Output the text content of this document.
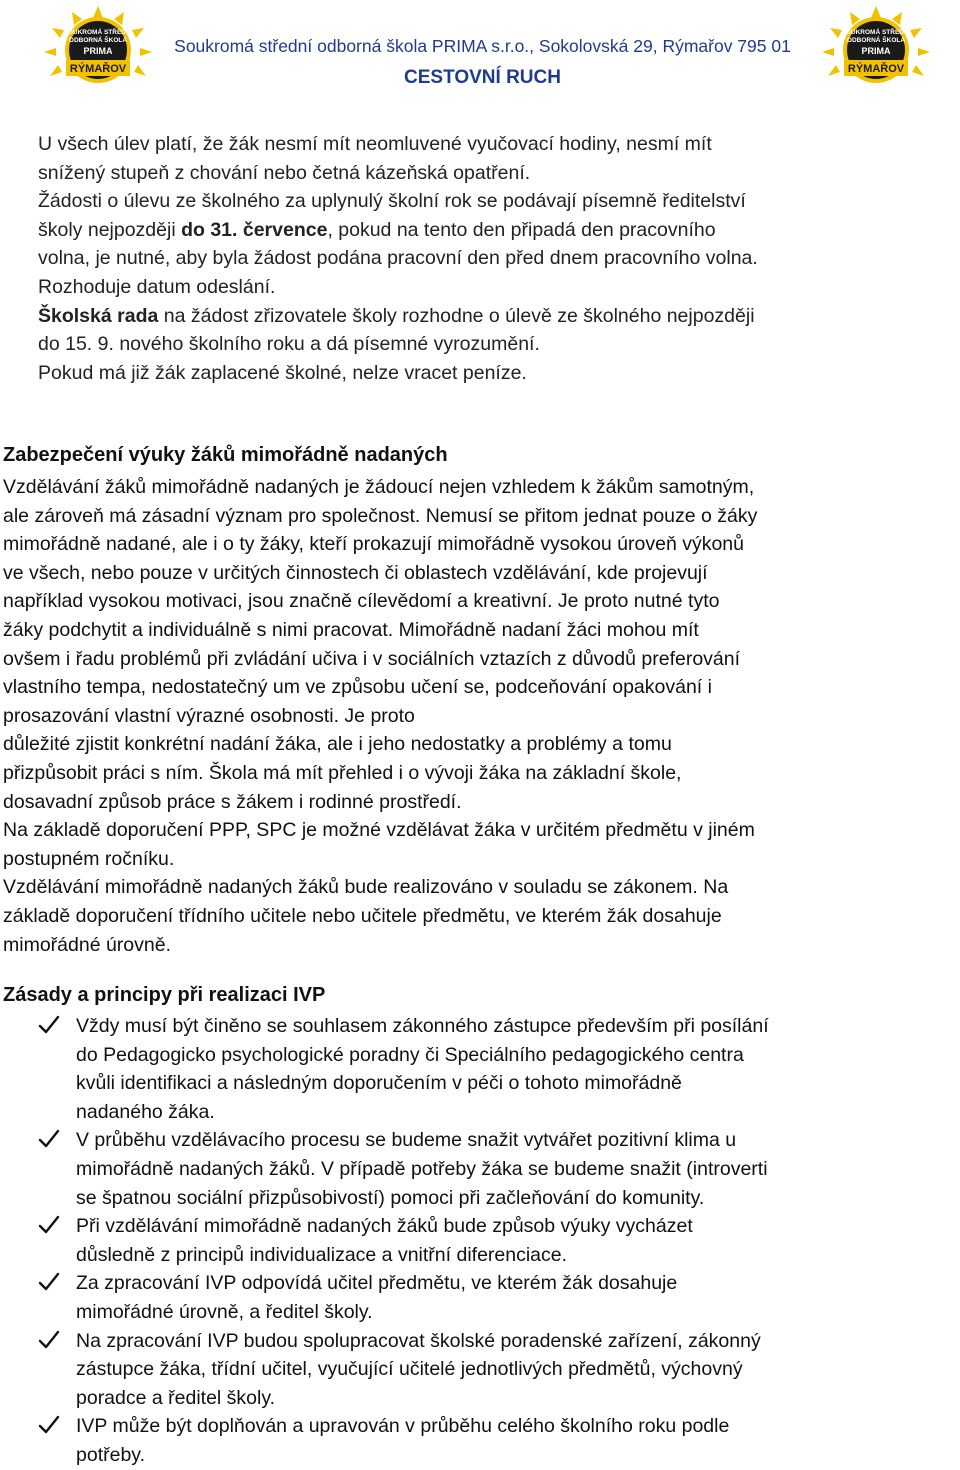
SOUKROMÁ STŘEDNÍ
ODBORNÁ ŠKOLA
PRIMA
RÝMAŘOV
SOUKROMÁ STŘEDNÍ
ODBORNÁ ŠKOLA
PRIMA
RÝMAŘOV
Soukromá střední odborná škola PRIMA s.r.o., Sokolovská 29, Rýmařov 795 01
CESTOVNÍ RUCH
U všech úlev platí, že žák nesmí mít neomluvené vyučovací hodiny, nesmí mít
snížený stupeň z chování nebo četná kázeňská opatření.
Žádosti o úlevu ze školného za uplynulý školní rok se podávají písemně ředitelství
školy nejpozději do 31. července, pokud na tento den připadá den pracovního
volna, je nutné, aby byla žádost podána pracovní den před dnem pracovního volna.
Rozhoduje datum odeslání.
Školská rada na žádost zřizovatele školy rozhodne o úlevě ze školného nejpozději
do 15. 9. nového školního roku a dá písemné vyrozumění.
Pokud má již žák zaplacené školné, nelze vracet peníze.
Zabezpečení výuky žáků mimořádně nadaných
Vzdělávání žáků mimořádně nadaných je žádoucí nejen vzhledem k žákům samotným,
ale zároveň má zásadní význam pro společnost. Nemusí se přitom jednat pouze o žáky
mimořádně nadané, ale i o ty žáky, kteří prokazují mimořádně vysokou úroveň výkonů
ve všech, nebo pouze v určitých činnostech či oblastech vzdělávání, kde projevují
například vysokou motivaci, jsou značně cílevědomí a kreativní. Je proto nutné tyto
žáky podchytit a individuálně s nimi pracovat. Mimořádně nadaní žáci mohou mít
ovšem i řadu problémů při zvládání učiva i v sociálních vztazích z důvodů preferování
vlastního tempa, nedostatečný um ve způsobu učení se, podceňování opakování i
prosazování vlastní výrazné osobnosti. Je proto
důležité zjistit konkrétní nadání žáka, ale i jeho nedostatky a problémy a tomu
přizpůsobit práci s ním. Škola má mít přehled i o vývoji žáka na základní škole,
dosavadní způsob práce s žákem i rodinné prostředí.
Na základě doporučení PPP, SPC je možné vzdělávat žáka v určitém předmětu v jiném
postupném ročníku.
Vzdělávání mimořádně nadaných žáků bude realizováno v souladu se zákonem. Na
základě doporučení třídního učitele nebo učitele předmětu, ve kterém žák dosahuje
mimořádné úrovně.
Zásady a principy při realizaci IVP
Vždy musí být činěno se souhlasem zákonného zástupce především při posílání
do Pedagogicko psychologické poradny či Speciálního pedagogického centra
kvůli identifikaci a následným doporučením v péči o tohoto mimořádně
nadaného žáka.
V průběhu vzdělávacího procesu se budeme snažit vytvářet pozitivní klima u
mimořádně nadaných žáků. V případě potřeby žáka se budeme snažit (introverti
se špatnou sociální přizpůsobivostí) pomoci při začleňování do komunity.
Při vzdělávání mimořádně nadaných žáků bude způsob výuky vycházet
důsledně z principů individualizace a vnitřní diferenciace.
Za zpracování IVP odpovídá učitel předmětu, ve kterém žák dosahuje
mimořádné úrovně, a ředitel školy.
Na zpracování IVP budou spolupracovat školské poradenské zařízení, zákonný
zástupce žáka, třídní učitel, vyučující učitelé jednotlivých předmětů, výchovný
poradce a ředitel školy.
IVP může být doplňován a upravován v průběhu celého školního roku podle
potřeby.
